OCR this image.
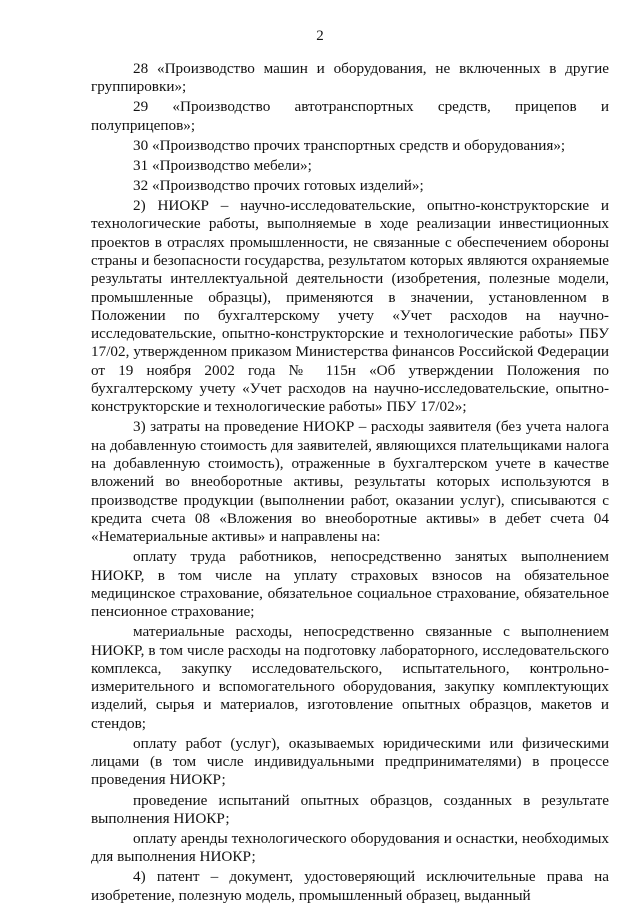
2

28 «Производство машин и оборудования, не включенных в другие группировки»;

29 «Производство автотранспортных средств, прицепов и полуприцепов»;

30 «Производство прочих транспортных средств и оборудования»;

31 «Производство мебели»;

32 «Производство прочих готовых изделий»;

2) НИОКР – научно-исследовательские, опытно-конструкторские и технологические работы, выполняемые в ходе реализации инвестиционных проектов в отраслях промышленности, не связанные с обеспечением обороны страны и безопасности государства, результатом которых являются охраняемые результаты интеллектуальной деятельности (изобретения, полезные модели, промышленные образцы), применяются в значении, установленном в Положении по бухгалтерскому учету «Учет расходов на научно-исследовательские, опытно-конструкторские и технологические работы» ПБУ 17/02, утвержденном приказом Министерства финансов Российской Федерации от 19 ноября 2002 года № 115н «Об утверждении Положения по бухгалтерскому учету «Учет расходов на научно-исследовательские, опытно-конструкторские и технологические работы» ПБУ 17/02»;

3) затраты на проведение НИОКР – расходы заявителя (без учета налога на добавленную стоимость для заявителей, являющихся плательщиками налога на добавленную стоимость), отраженные в бухгалтерском учете в качестве вложений во внеоборотные активы, результаты которых используются в производстве продукции (выполнении работ, оказании услуг), списываются с кредита счета 08 «Вложения во внеоборотные активы» в дебет счета 04 «Нематериальные активы» и направлены на:

оплату труда работников, непосредственно занятых выполнением НИОКР, в том числе на уплату страховых взносов на обязательное медицинское страхование, обязательное социальное страхование, обязательное пенсионное страхование;

материальные расходы, непосредственно связанные с выполнением НИОКР, в том числе расходы на подготовку лабораторного, исследовательского комплекса, закупку исследовательского, испытательного, контрольно-измерительного и вспомогательного оборудования, закупку комплектующих изделий, сырья и материалов, изготовление опытных образцов, макетов и стендов;

оплату работ (услуг), оказываемых юридическими или физическими лицами (в том числе индивидуальными предпринимателями) в процессе проведения НИОКР;

проведение испытаний опытных образцов, созданных в результате выполнения НИОКР;

оплату аренды технологического оборудования и оснастки, необходимых для выполнения НИОКР;

4) патент – документ, удостоверяющий исключительные права на изобретение, полезную модель, промышленный образец, выданный
